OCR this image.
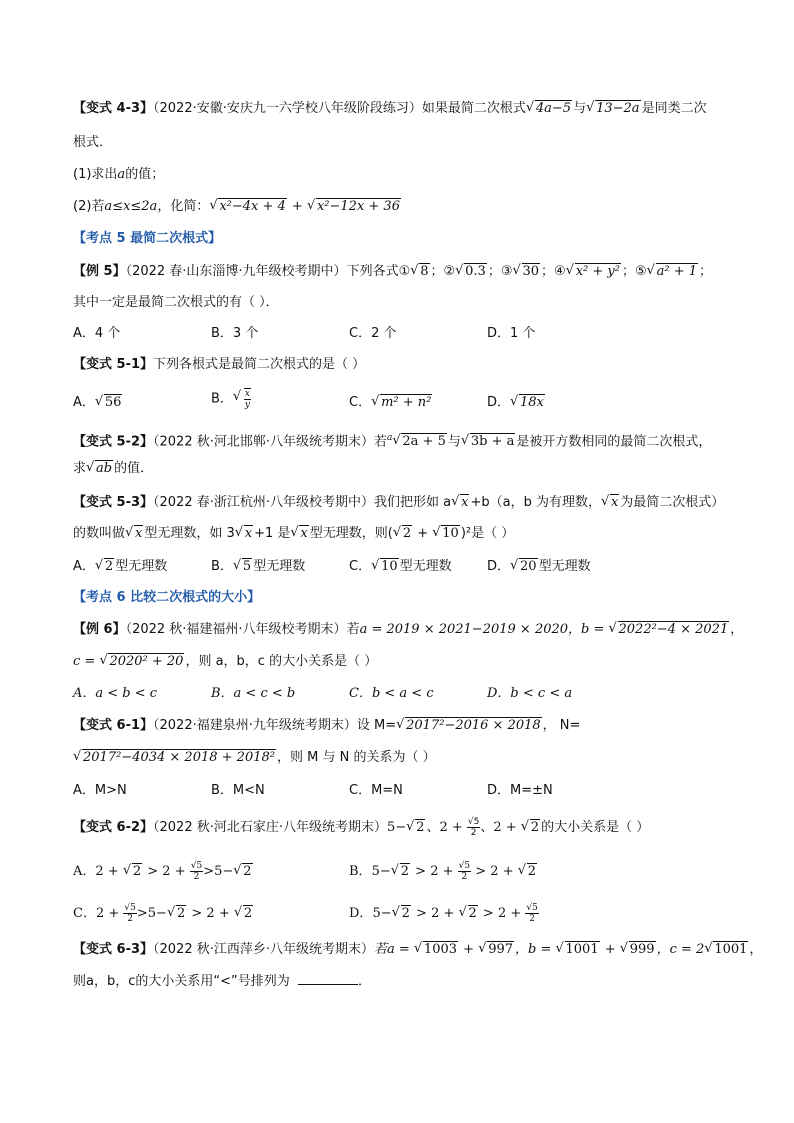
【变式 4-3】（2022·安徽·安庆九一六学校八年级阶段练习）如果最简二次根式√ 4a−5 与√ 13−2a 是同类二次
根式．
(1)求出a的值；
(2)若a≤x≤2a，化简：√ x²−4x + 4 + √ x²−12x + 36
【考点 5 最简二次根式】
【例 5】（2022 春·山东淄博·九年级校考期中）下列各式①√ 8 ；②√ 0.3 ；③√ 30 ；④√ x² + y² ；⑤√ a² + 1 ；
其中一定是最简二次根式的有（ ）．
A．4 个	B．3 个	C．2 个	D．1 个
【变式 5-1】下列各根式是最简二次根式的是（ ）
A．√ 56	B．
√ $\frac{x}{y}$	C．√ m² + n²	D．√ 18x
【变式 5-2】（2022 秋·河北邯郸·八年级统考期末）若$^a$√ 2a + 5 与√ 3b + a 是被开方数相同的最简二次根式，
求√ ab 的值．
【变式 5-3】（2022 春·浙江杭州·八年级校考期中）我们把形如 a√ x +b（a，b 为有理数，√ x 为最简二次根式）
的数叫做√ x 型无理数，如 3√ x +1 是√ x 型无理数，则(√ 2 + √ 10 )²是（ ）
A．√ 2 型无理数	B．√ 5 型无理数	C．√ 10 型无理数	D．√ 20 型无理数
【考点 6 比较二次根式的大小】
【例 6】（2022 秋·福建福州·八年级校考期末）若a = 2019 × 2021−2019 × 2020，b = √ 2022²−4 × 2021 ，
c = √ 2020² + 20 ，则 a，b，c 的大小关系是（ ）
A．a < b < c	B．a < c < b	C．b < a < c	D．b < c < a
【变式 6-1】（2022·福建泉州·九年级统考期末）设 M=√ 2017²−2016 × 2018 ， N=
√ 2017²−4034 × 2018 + 2018² ，则 M 与 N 的关系为（ ）
A．M>N	B．M<N	C．M=N	D．M=±N
【变式 6-2】（2022 秋·河北石家庄·八年级统考期末）5−√ 2 、$2 + \frac{√5}{2}$ 、2 + √ 2 的大小关系是（ ）
A．2 + √ $2 > 2 + \frac{√5}{2} >5-√$ 2	B．5−√ $2 > 2 + \frac{√5}{2} > 2$ + √ 2
C．$2 + \frac{√5}{2} >5-√$ 2 > 2 + √ 2	D．5−√ 2 > 2 + √ $2 > 2 + \frac{√5}{2}$
【变式 6-3】（2022 秋·江西萍乡·八年级统考期末）若a = √ 1003 + √ 997 ，b = √ 1001 + √ 999 ，c = 2√ 1001 ，
则a，b，c的大小关系用“<”号排列为	．
